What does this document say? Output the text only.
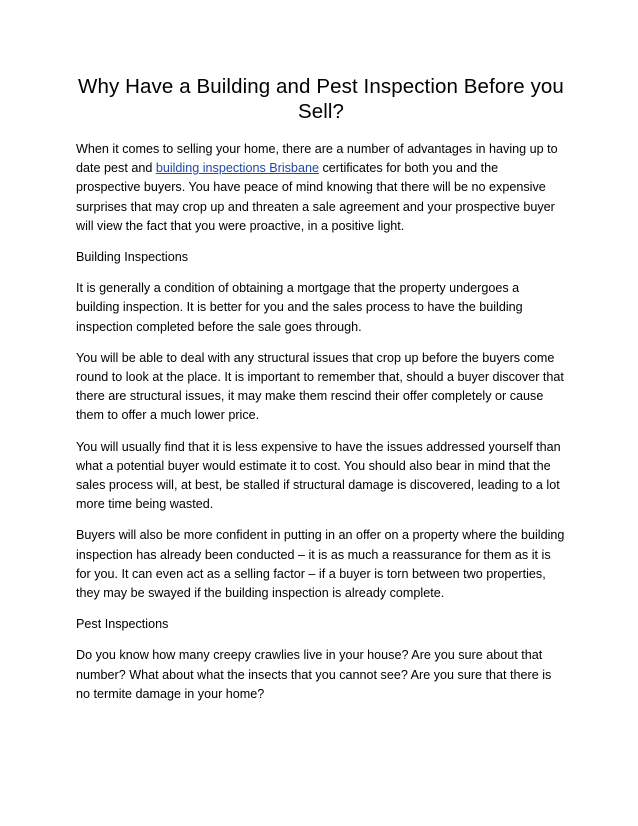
Why Have a Building and Pest Inspection Before you Sell?

When it comes to selling your home, there are a number of advantages in having up to date pest and building inspections Brisbane certificates for both you and the prospective buyers. You have peace of mind knowing that there will be no expensive surprises that may crop up and threaten a sale agreement and your prospective buyer will view the fact that you were proactive, in a positive light.

Building Inspections

It is generally a condition of obtaining a mortgage that the property undergoes a building inspection. It is better for you and the sales process to have the building inspection completed before the sale goes through.

You will be able to deal with any structural issues that crop up before the buyers come round to look at the place. It is important to remember that, should a buyer discover that there are structural issues, it may make them rescind their offer completely or cause them to offer a much lower price.

You will usually find that it is less expensive to have the issues addressed yourself than what a potential buyer would estimate it to cost. You should also bear in mind that the sales process will, at best, be stalled if structural damage is discovered, leading to a lot more time being wasted.

Buyers will also be more confident in putting in an offer on a property where the building inspection has already been conducted – it is as much a reassurance for them as it is for you. It can even act as a selling factor – if a buyer is torn between two properties, they may be swayed if the building inspection is already complete.

Pest Inspections

Do you know how many creepy crawlies live in your house? Are you sure about that number? What about what the insects that you cannot see? Are you sure that there is no termite damage in your home?
